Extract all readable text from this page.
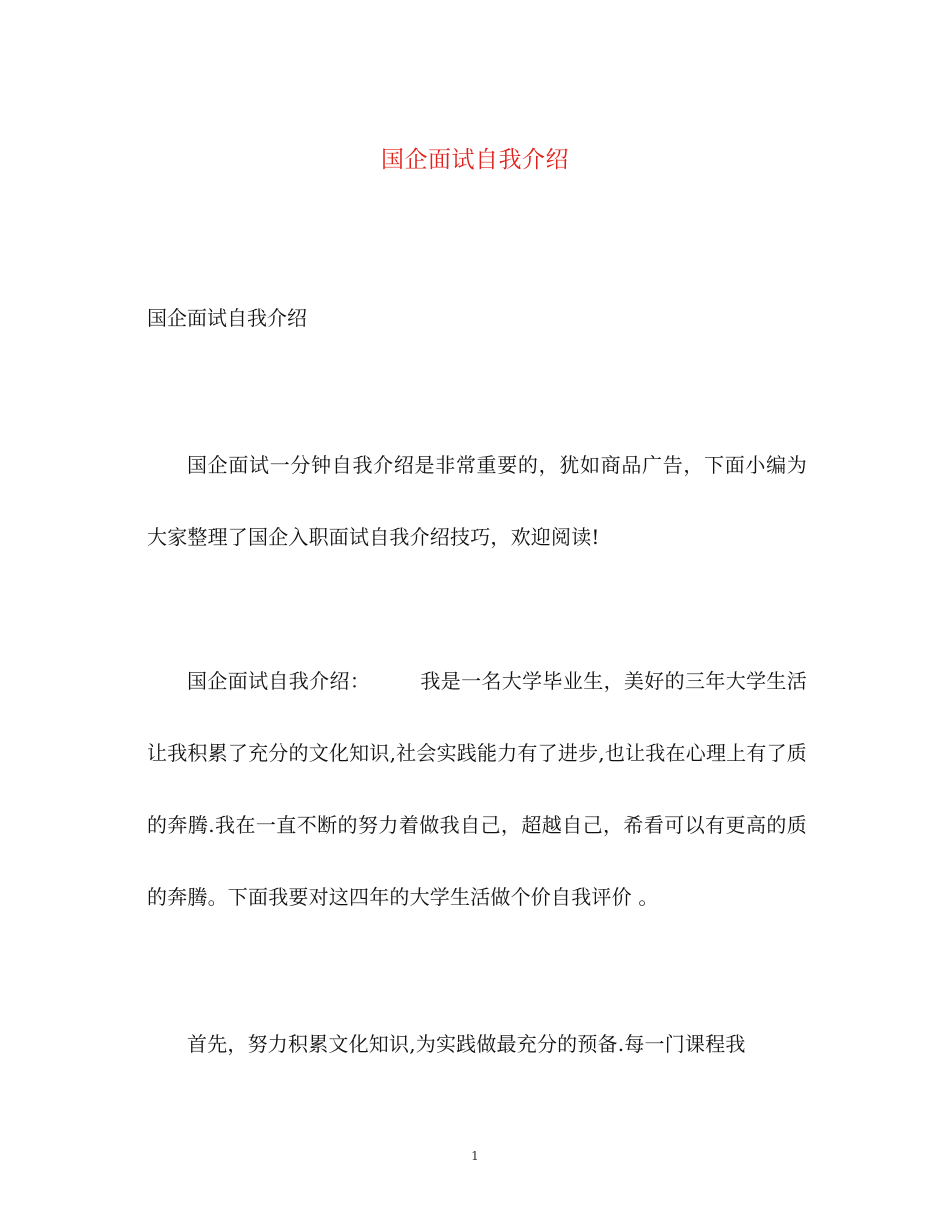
国企面试自我介绍

国企面试自我介绍

国企面试一分钟自我介绍是非常重要的，犹如商品广告，下面小编为大家整理了国企入职面试自我介绍技巧，欢迎阅读!

国企面试自我介绍：	我是一名大学毕业生，美好的三年大学生活让我积累了充分的文化知识,社会实践能力有了进步,也让我在心理上有了质的奔腾.我在一直不断的努力着做我自己，超越自己，希看可以有更高的质的奔腾。下面我要对这四年的大学生活做个价自我评价 。

首先，努力积累文化知识,为实践做最充分的预备.每一门课程我

1
